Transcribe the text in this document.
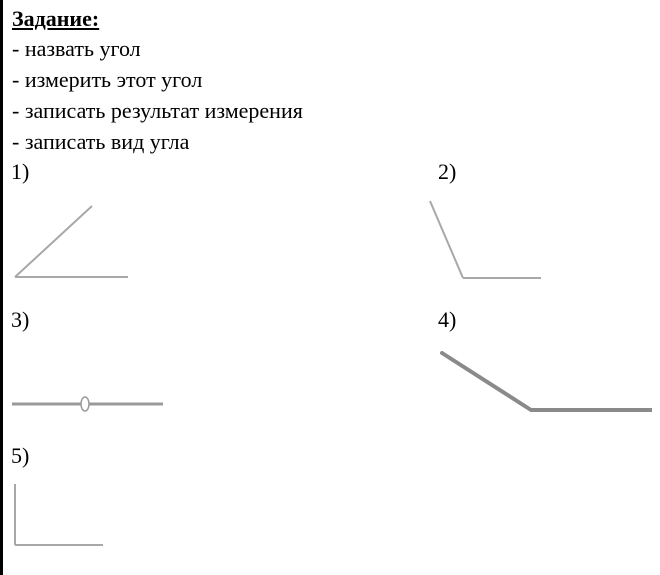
Задание:
- назвать угол
- измерить этот угол
- записать результат измерения
- записать вид угла
1)	2)
3)	4)
5)
